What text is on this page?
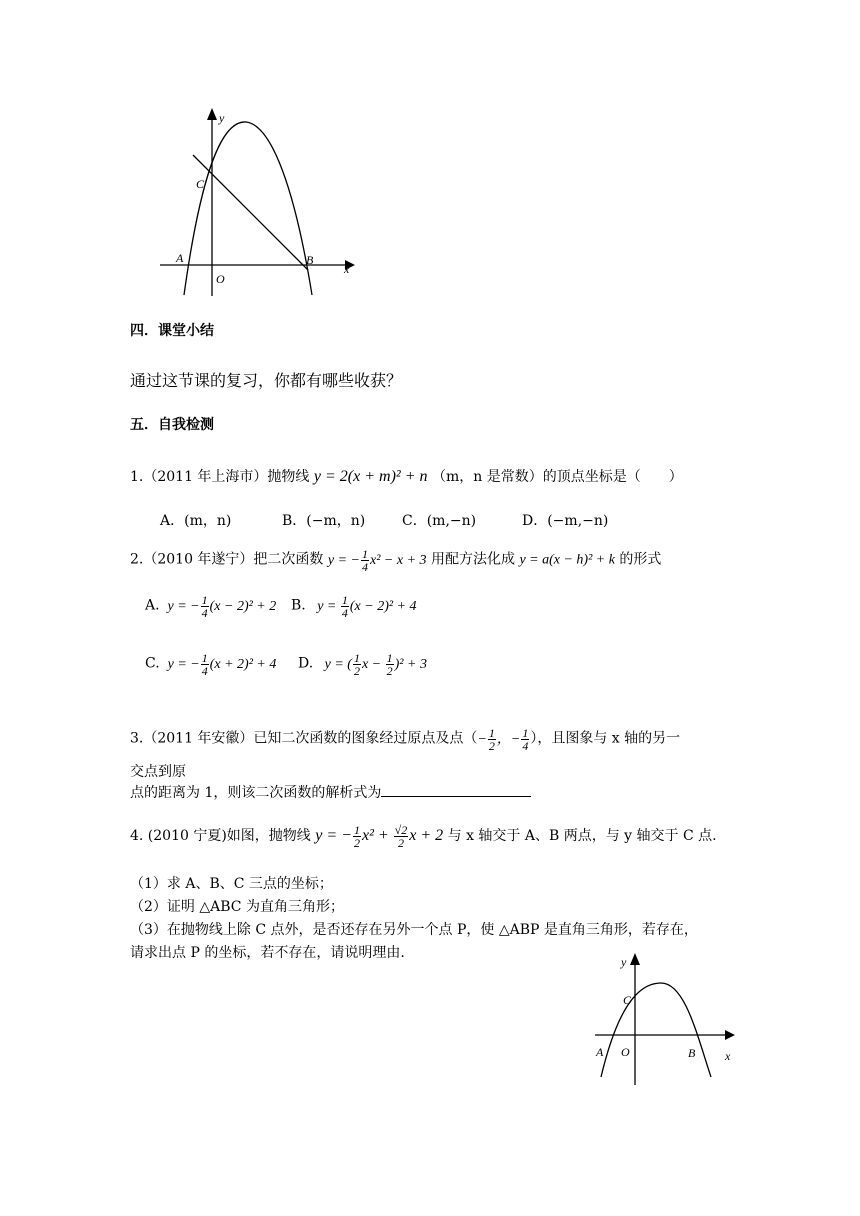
y
C
A	B
O
x
四．课堂小结
通过这节课的复习，你都有哪些收获？
五．自我检测
1.（2011 年上海市）抛物线 y = 2(x + m)² + n （m，n 是常数）的顶点坐标是（　　）
A．(m，n)	B．(−m，n)	C．(m,−n)	D．(−m,−n)
2.（2010 年遂宁）把二次函数 y = − $\frac{1}{4} x^2 - x + 3$ 用配方法化成 y = a(x − h)² + k 的形式
A.  y = − $\frac{1}{4} (x - 2)^2 + 2$ B.   $y = \frac{1}{4} (x - 2)^2 + 4$
C.  y = − $\frac{1}{4} (x + 2)^2 + 4$ D.   y = ( $\frac{1}{2}$ $x - \frac{1}{2} )^2 + 3$
3.（2011 年安徽）已知二次函数的图象经过原点及点（− $\frac{1}{2}$ ，− $\frac{1}{4}$ ），且图象与 x 轴的另一
交点到原
点的距离为 1，则该二次函数的解析式为
4. (2010 宁夏)如图，抛物线 y = − $\frac{1}{2} x^2 + \frac{√2}{2}$ x + 2 与 x 轴交于 A、B 两点，与 y 轴交于 C 点.
（1）求 A、B、C 三点的坐标；
（2）证明 △ABC 为直角三角形；
（3）在抛物线上除 C 点外，是否还存在另外一个点 P，使 △ABP 是直角三角形，若存在，
请求出点 P 的坐标，若不存在，请说明理由.
y
C
A O	B x
